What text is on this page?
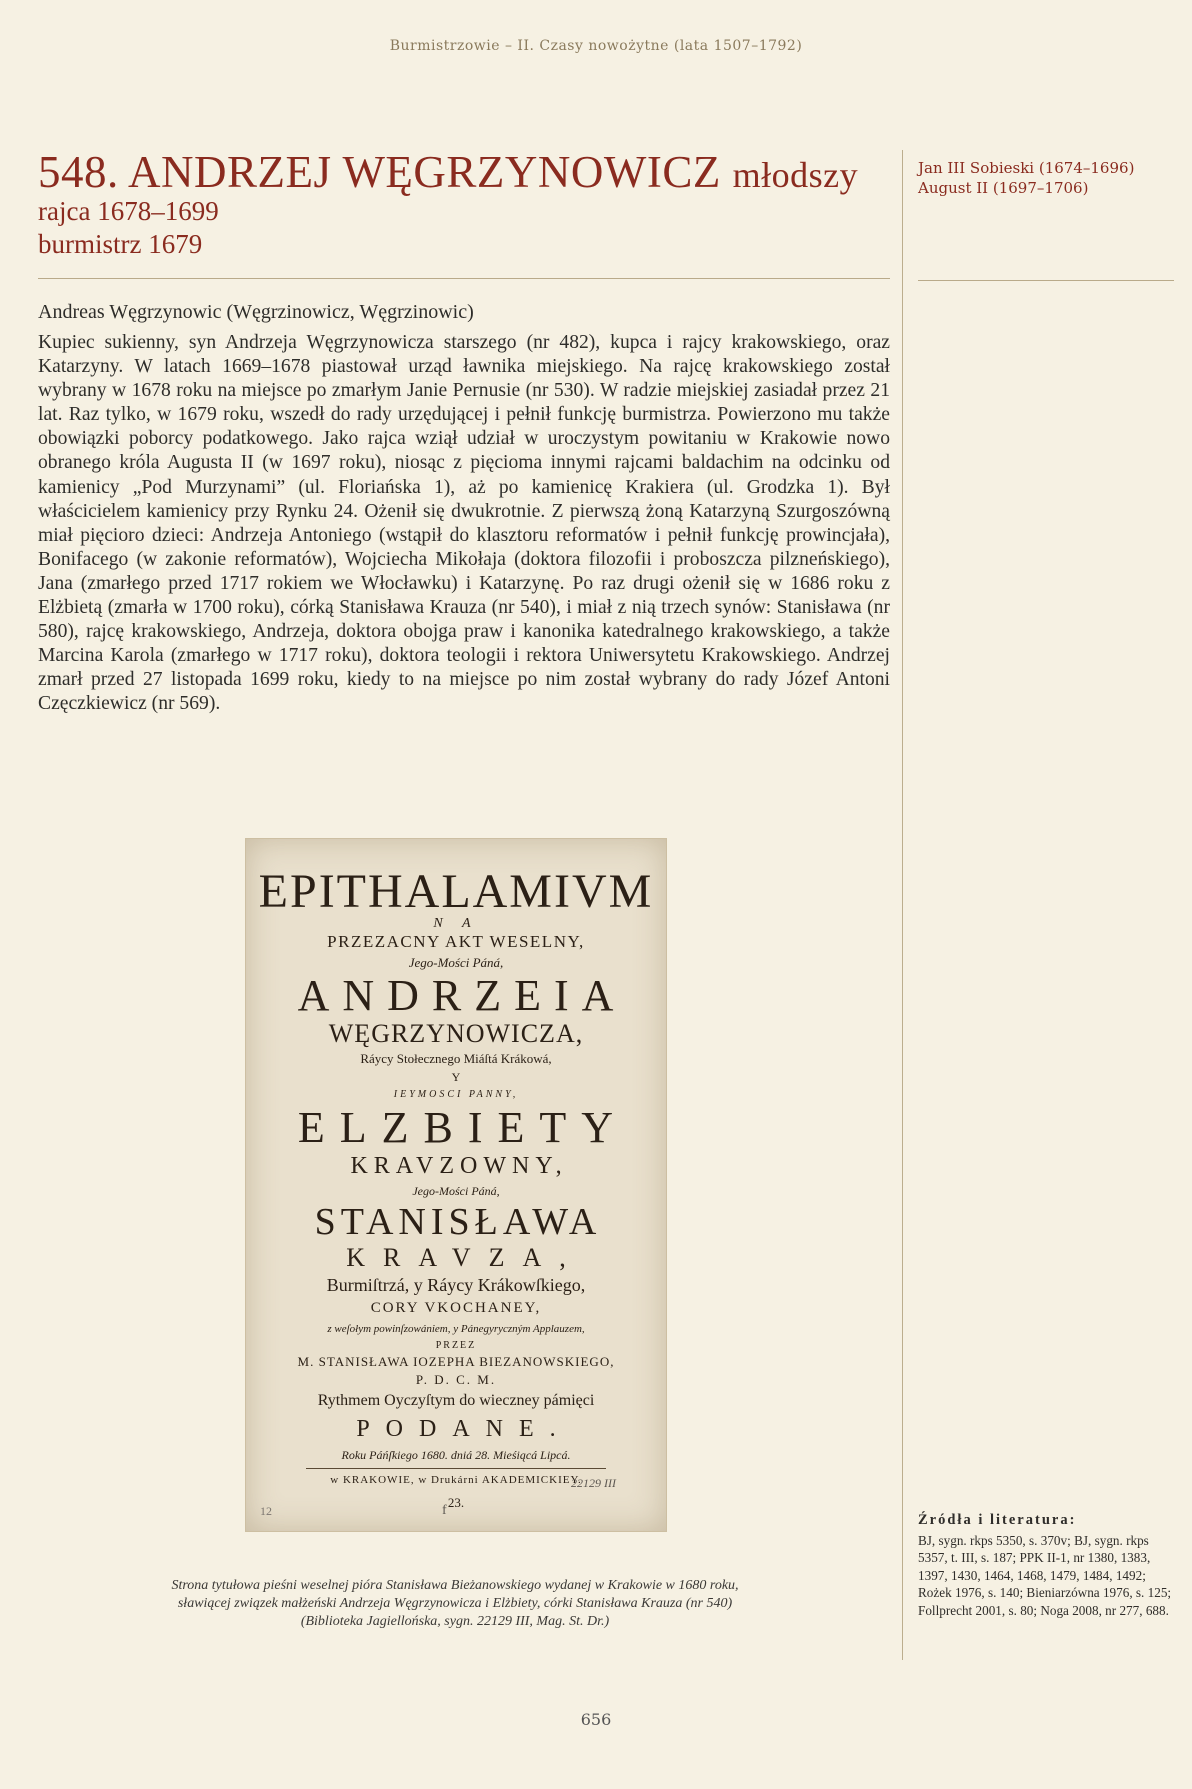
Burmistrzowie – II. Czasy nowożytne (lata 1507–1792)
548. ANDRZEJ WĘGRZYNOWICZ młodszy
rajca 1678–1699
burmistrz 1679
Jan III Sobieski (1674–1696)
August II (1697–1706)
Andreas Węgrzynowic (Węgrzinowicz, Węgrzinowic)

Kupiec sukienny, syn Andrzeja Węgrzynowicza starszego (nr 482), kupca i rajcy krakowskiego, oraz Katarzyny. W latach 1669–1678 piastował urząd ławnika miejskiego. Na rajcę krakowskiego został wybrany w 1678 roku na miejsce po zmarłym Janie Pernusie (nr 530). W radzie miejskiej zasiadał przez 21 lat. Raz tylko, w 1679 roku, wszedł do rady urzędującej i pełnił funkcję burmistrza. Powierzono mu także obowiązki poborcy podatkowego. Jako rajca wziął udział w uroczystym powitaniu w Krakowie nowo obranego króla Augusta II (w 1697 roku), niosąc z pięcioma innymi rajcami baldachim na odcinku od kamienicy „Pod Murzynami” (ul. Floriańska 1), aż po kamienicę Krakiera (ul. Grodzka 1). Był właścicielem kamienicy przy Rynku 24. Ożenił się dwukrotnie. Z pierwszą żoną Katarzyną Szurgoszówną miał pięcioro dzieci: Andrzeja Antoniego (wstąpił do klasztoru reformatów i pełnił funkcję prowincjała), Bonifacego (w zakonie reformatów), Wojciecha Mikołaja (doktora filozofii i proboszcza pilzneńskiego), Jana (zmarłego przed 1717 rokiem we Włocławku) i Katarzynę. Po raz drugi ożenił się w 1686 roku z Elżbietą (zmarła w 1700 roku), córką Stanisława Krauza (nr 540), i miał z nią trzech synów: Stanisława (nr 580), rajcę krakowskiego, Andrzeja, doktora obojga praw i kanonika katedralnego krakowskiego, a także Marcina Karola (zmarłego w 1717 roku), doktora teologii i rektora Uniwersytetu Krakowskiego. Andrzej zmarł przed 27 listopada 1699 roku, kiedy to na miejsce po nim został wybrany do rady Józef Antoni Częczkiewicz (nr 569).

EPITHALAMIVM
N A
PRZEZACNY AKT WESELNY,
Jego-Mości Páná,
ANDRZEIA
WĘGRZYNOWICZA,
Ráycy Stołecznego Miáſtá Krákowá,
Y
IEYMOSCI PANNY,
ELZBIETY
KRAVZOWNY,
Jego-Mości Páná,
STANISŁAWA
KRAVZA,
Burmiſtrzá, y Ráycy Krákowſkiego,
CORY VKOCHANEY,
z weſołym powinſzowániem, y Pánegyryczným Applauzem,
PRZEZ
M. STANISŁAWA IOZEPHA BIEZANOWSKIEGO,
P. D. C. M.
Rythmem Oyczyſtym do wieczney pámięci
PODANE.
Roku Páńſkiego 1680. dniá 28. Mieśiącá Lipcá.
w KRAKOWIE, w Drukárni AKADEMICKIEY.
23.
22129 III
f
12
Strona tytułowa pieśni weselnej pióra Stanisława Bieżanowskiego wydanej w Krakowie w 1680 roku,
sławiącej związek małżeński Andrzeja Węgrzynowicza i Elżbiety, córki Stanisława Krauza (nr 540)
(Biblioteka Jagiellońska, sygn. 22129 III, Mag. St. Dr.)
Źródła i literatura:

BJ, sygn. rkps 5350, s. 370v; BJ, sygn. rkps 5357, t. III, s. 187; PPK II-1, nr 1380, 1383, 1397, 1430, 1464, 1468, 1479, 1484, 1492; Rożek 1976, s. 140; Bieniarzówna 1976, s. 125; Follprecht 2001, s. 80; Noga 2008, nr 277, 688.

656
